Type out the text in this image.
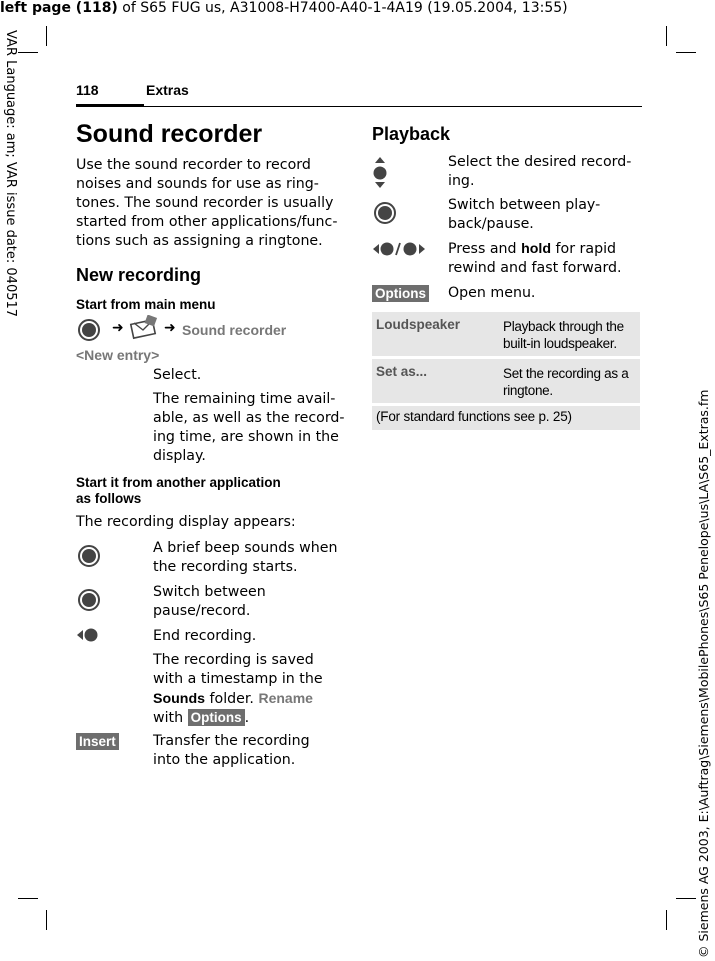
left page (118) of S65 FUG us, A31008-H7400-A40-1-4A19 (19.05.2004, 13:55)
VAR Language: am; VAR issue date: 040517
© Siemens AG 2003, E:\Auftrag\Siemens\MobilePhones\S65 Penelope\us\LA\S65_Extras.fm
118	Extras
Sound recorder
Use the sound recorder to record
noises and sounds for use as ring-
tones. The sound recorder is usually
started from other applications/func-
tions such as assigning a ringtone.
New recording
Start from main menu
➜	➜ Sound recorder
<New entry>
Select.
The remaining time avail-
able, as well as the record-
ing time, are shown in the
display.
Start it from another application
as follows
The recording display appears:
A brief beep sounds when
the recording starts.
Switch between
pause/record.
End recording.
The recording is saved
with a timestamp in the
Sounds folder. Rename
with Options .
Insert	Transfer the recording
into the application.
Playback
Select the desired record-
ing.
Switch between play-
back/pause.
Press and hold for rapid
rewind and fast forward.
Options Open menu.
Loudspeaker	Playback through the
built-in loudspeaker.
Set as...	Set the recording as a
ringtone.
(For standard functions see p. 25)
